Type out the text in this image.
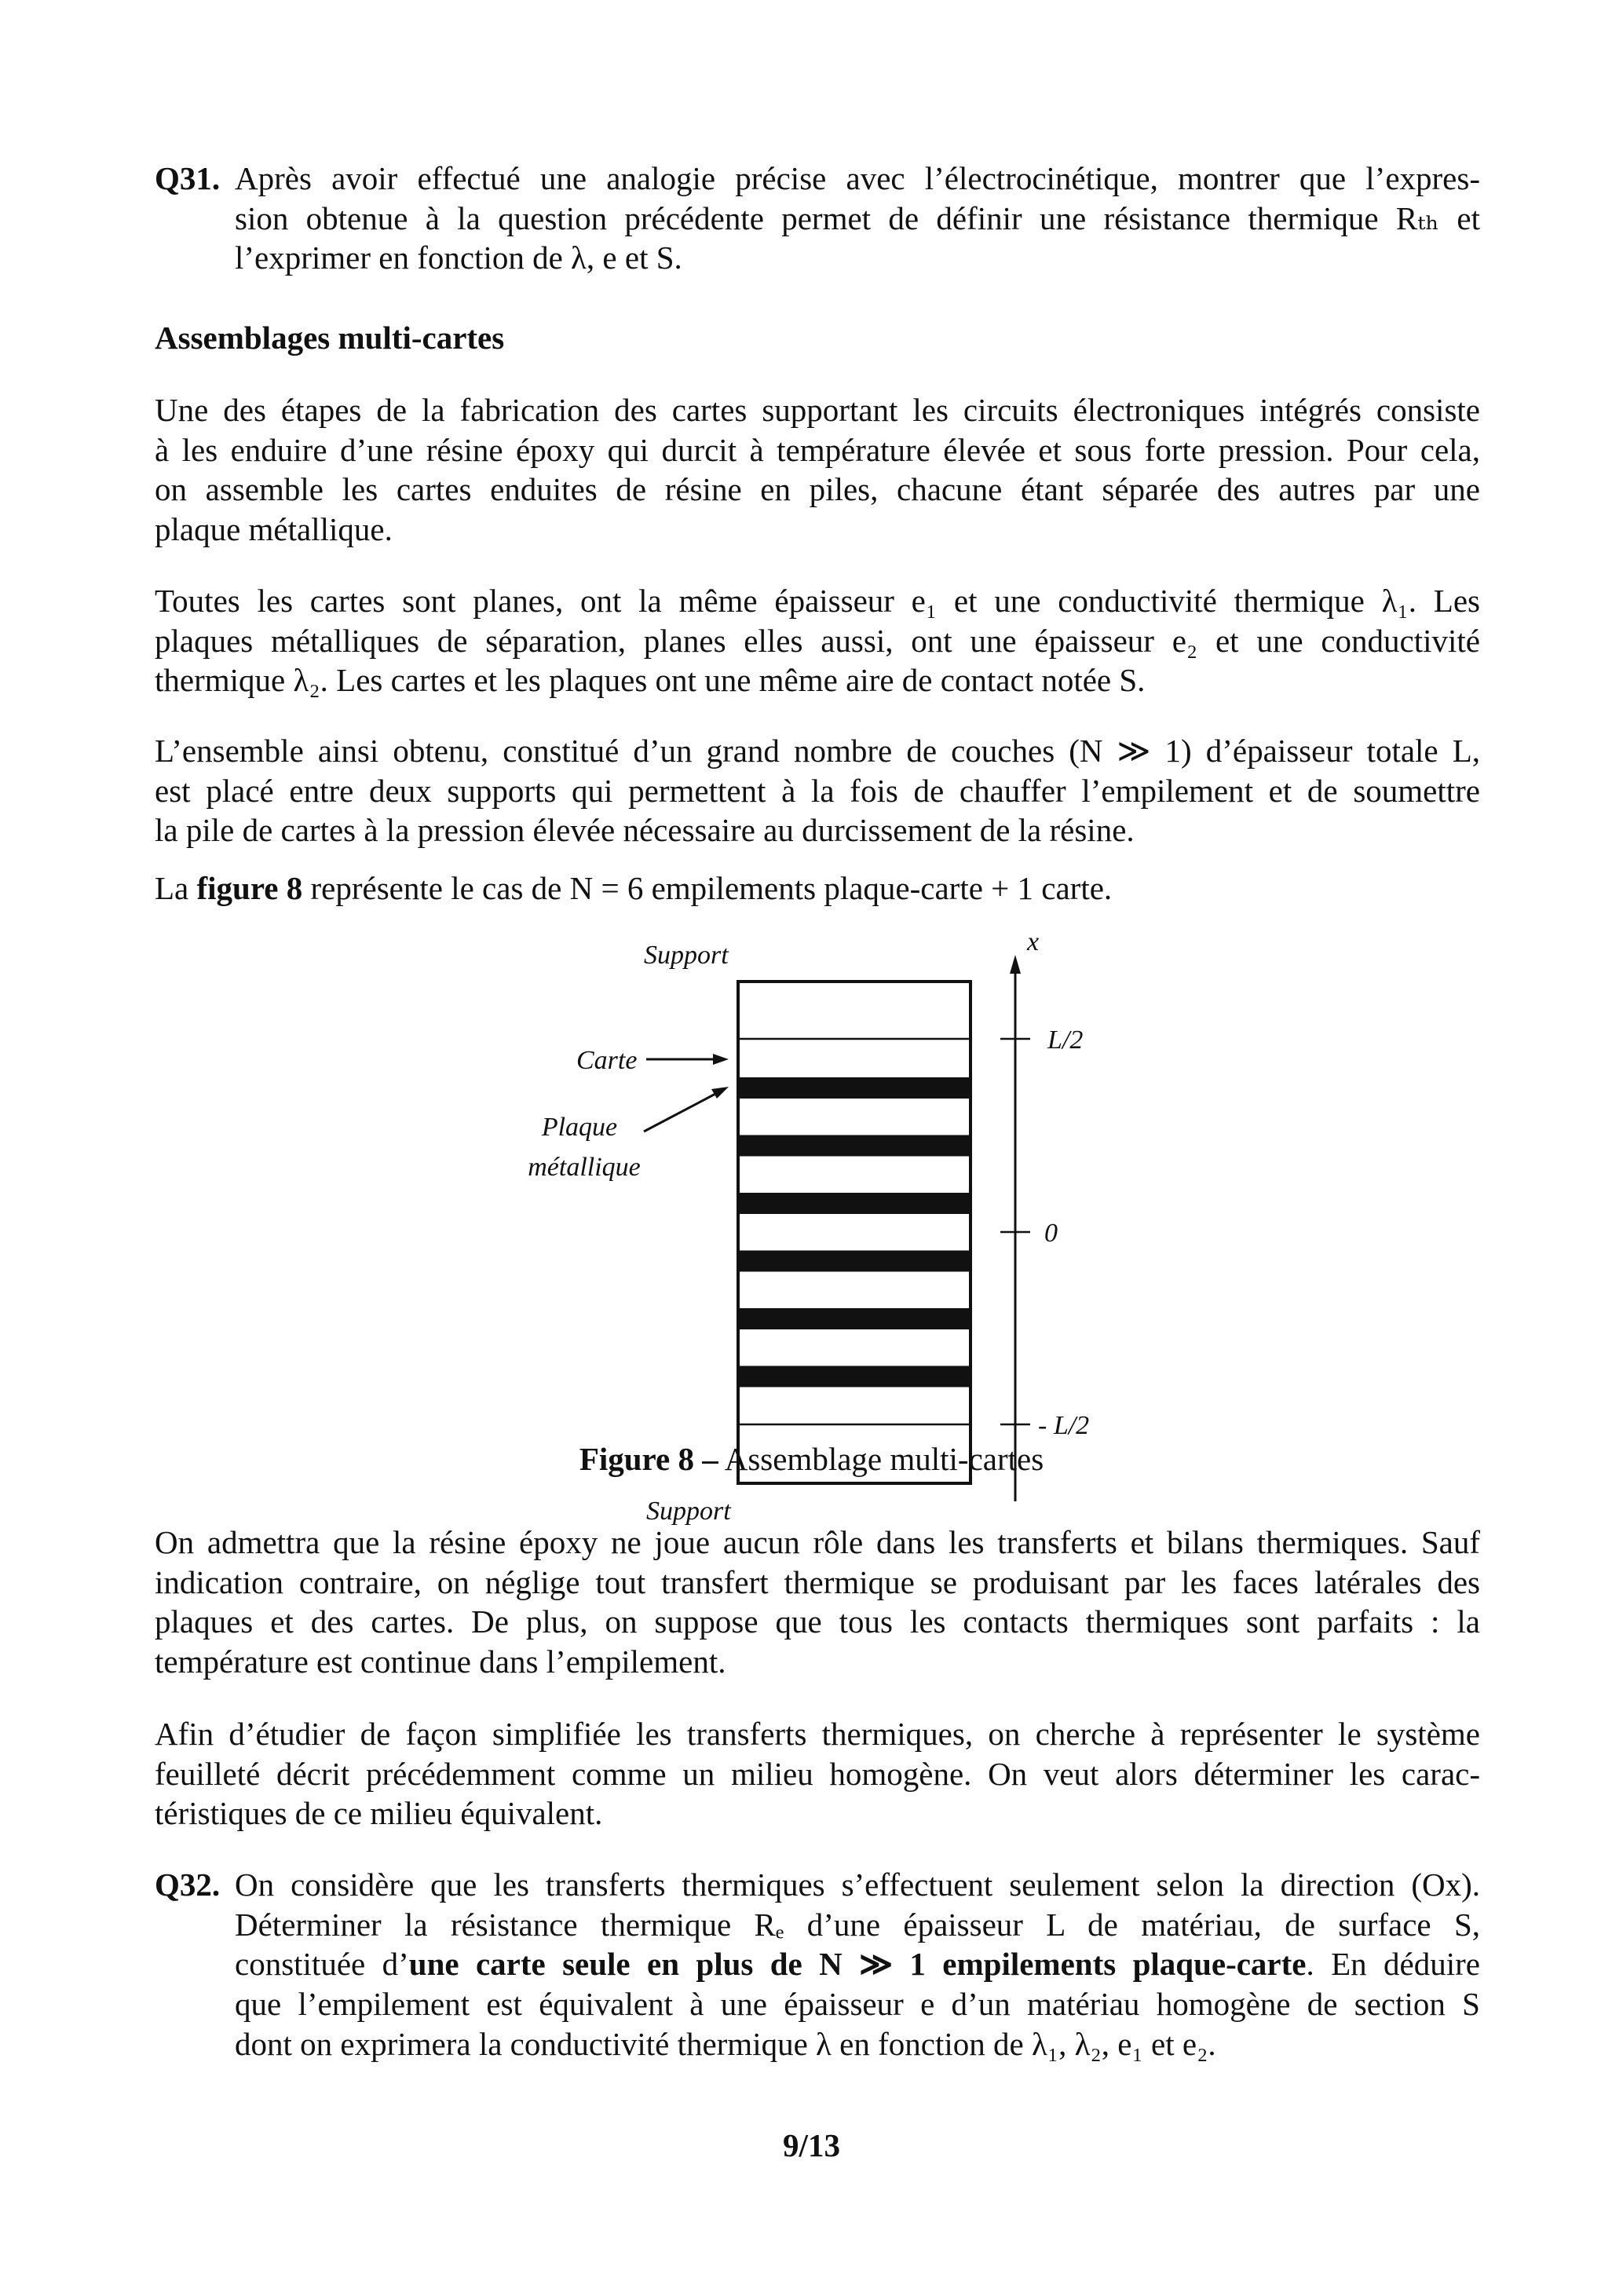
Q31. Après avoir effectué une analogie précise avec l’électrocinétique, montrer que l’expres-
sion obtenue à la question précédente permet de définir une résistance thermique Rₜₕ et
l’exprimer en fonction de λ, e et S.
Assemblages multi-cartes
Une des étapes de la fabrication des cartes supportant les circuits électroniques intégrés consiste
à les enduire d’une résine époxy qui durcit à température élevée et sous forte pression. Pour cela,
on assemble les cartes enduites de résine en piles, chacune étant séparée des autres par une
plaque métallique.
Toutes les cartes sont planes, ont la même épaisseur e₁ et une conductivité thermique λ₁. Les
plaques métalliques de séparation, planes elles aussi, ont une épaisseur e₂ et une conductivité
thermique λ₂. Les cartes et les plaques ont une même aire de contact notée S.
L’ensemble ainsi obtenu, constitué d’un grand nombre de couches (N ≫ 1) d’épaisseur totale L,
est placé entre deux supports qui permettent à la fois de chauffer l’empilement et de soumettre
la pile de cartes à la pression élevée nécessaire au durcissement de la résine.
La figure 8 représente le cas de N = 6 empilements plaque-carte + 1 carte.
Support
Support
Carte
Plaque
métallique
x
L/2
0
- L/2
Figure 8 – Assemblage multi-cartes
On admettra que la résine époxy ne joue aucun rôle dans les transferts et bilans thermiques. Sauf
indication contraire, on néglige tout transfert thermique se produisant par les faces latérales des
plaques et des cartes. De plus, on suppose que tous les contacts thermiques sont parfaits : la
température est continue dans l’empilement.
Afin d’étudier de façon simplifiée les transferts thermiques, on cherche à représenter le système
feuilleté décrit précédemment comme un milieu homogène. On veut alors déterminer les carac-
téristiques de ce milieu équivalent.
Q32. On considère que les transferts thermiques s’effectuent seulement selon la direction (Ox).
Déterminer la résistance thermique Rₑ d’une épaisseur L de matériau, de surface S,
constituée d’une carte seule en plus de N ≫ 1 empilements plaque-carte. En déduire
que l’empilement est équivalent à une épaisseur e d’un matériau homogène de section S
dont on exprimera la conductivité thermique λ en fonction de λ₁, λ₂, e₁ et e₂.
9/13
